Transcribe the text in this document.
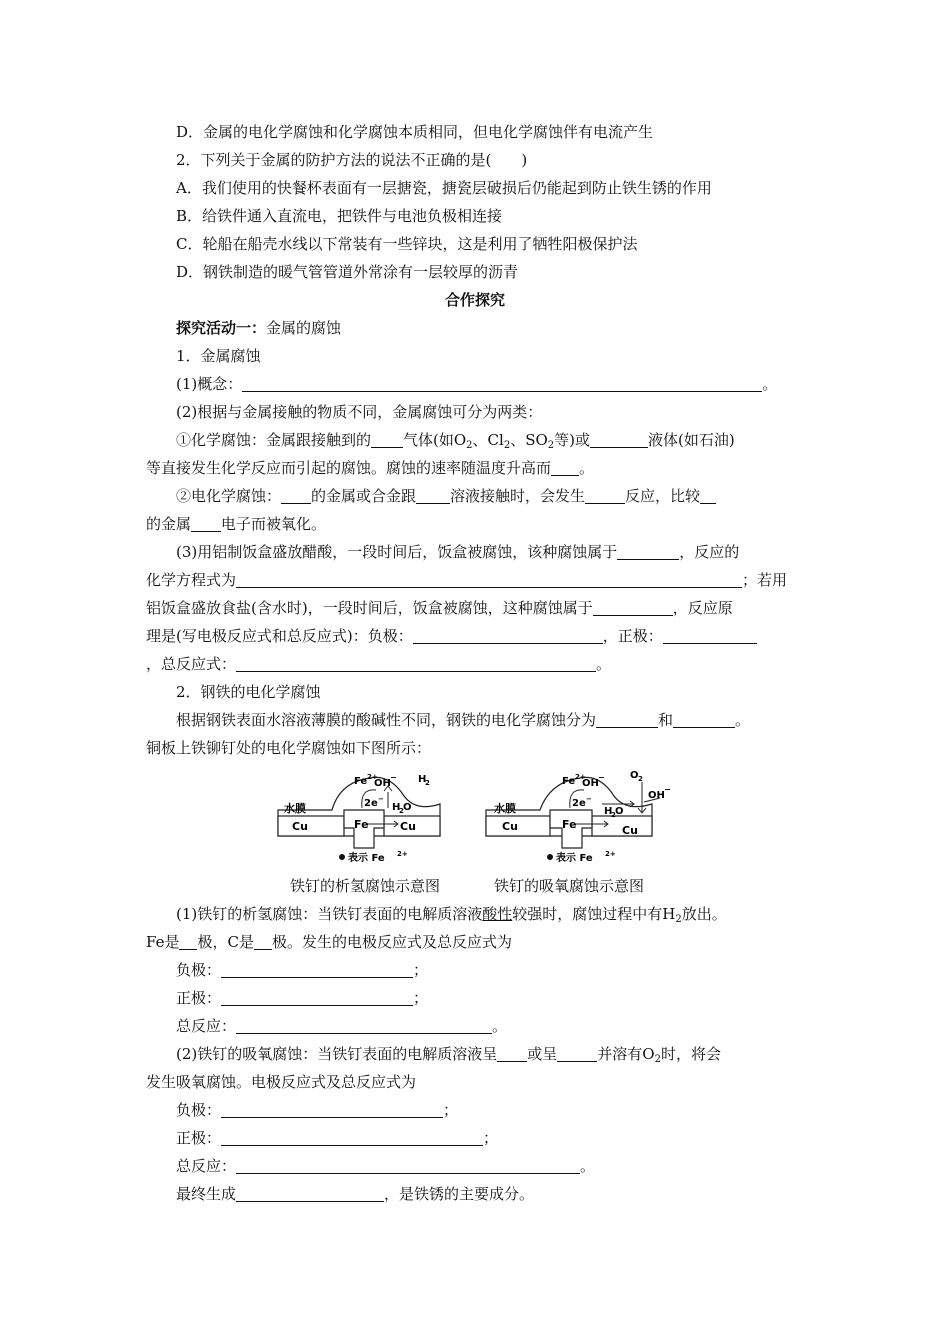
D．金属的电化学腐蚀和化学腐蚀本质相同，但电化学腐蚀伴有电流产生
2．下列关于金属的防护方法的说法不正确的是(　　)
A．我们使用的快餐杯表面有一层搪瓷，搪瓷层破损后仍能起到防止铁生锈的作用
B．给铁件通入直流电，把铁件与电池负极相连接
C．轮船在船壳水线以下常装有一些锌块，这是利用了牺牲阳极保护法
D．钢铁制造的暖气管管道外常涂有一层较厚的沥青
合作探究
探究活动一：金属的腐蚀
1．金属腐蚀
(1)概念：	。
(2)根据与金属接触的物质不同，金属腐蚀可分为两类：
①化学腐蚀：金属跟接触到的 气体(如$O_2$、$Cl_2$、$SO_2$等)或	液体(如石油)
等直接发生化学反应而引起的腐蚀。腐蚀的速率随温度升高而 。
②电化学腐蚀： 的金属或合金跟 溶液接触时，会发生	反应，比较
的金属 电子而被氧化。
(3)用铝制饭盒盛放醋酸，一段时间后，饭盒被腐蚀，该种腐蚀属于	，反应的
化学方程式为	；若用
铝饭盒盛放食盐(含水时)，一段时间后，饭盒被腐蚀，这种腐蚀属于	，反应原
理是(写电极反应式和总反应式)：负极：	，正极：
，总反应式：	。
2．钢铁的电化学腐蚀
根据钢铁表面水溶液薄膜的酸碱性不同，钢铁的电化学腐蚀分为	和	。
铜板上铁铆钉处的电化学腐蚀如下图所示：
水膜
Cu	Fe	Cu
Fe 2+
OH
− H
2
2e −
H
2 O
表示 Fe 2+
水膜
Cu	Fe	Cu
Fe 2+
OH
−	O 2
OH
−
2e −
H
2 O
表示 Fe 2+
铁钉的析氢腐蚀示意图	铁钉的吸氧腐蚀示意图
(1)铁钉的析氢腐蚀：当铁钉表面的电解质溶液酸性较强时，腐蚀过程中有$H_2$放出。
Fe是 极，C是 极。发生的电极反应式及总反应式为
负极：	；
正极：	；
总反应：	。
(2)铁钉的吸氧腐蚀：当铁钉表面的电解质溶液呈 或呈	并溶有$O_2$时，将会
发生吸氧腐蚀。电极反应式及总反应式为
负极：	；
正极：	；
总反应：	。
最终生成	，是铁锈的主要成分。
